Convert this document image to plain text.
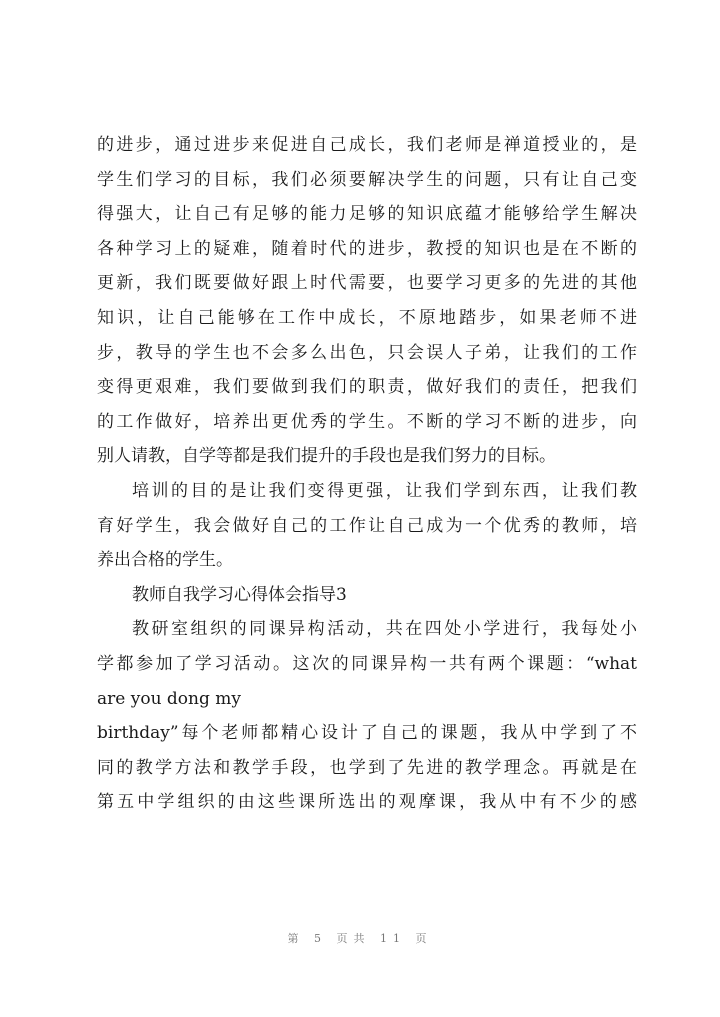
的进步，通过进步来促进自己成长，我们老师是禅道授业的，是
学生们学习的目标，我们必须要解决学生的问题，只有让自己变
得强大，让自己有足够的能力足够的知识底蕴才能够给学生解决
各种学习上的疑难，随着时代的进步，教授的知识也是在不断的
更新，我们既要做好跟上时代需要，也要学习更多的先进的其他
知识，让自己能够在工作中成长，不原地踏步，如果老师不进
步，教导的学生也不会多么出色，只会误人子弟，让我们的工作
变得更艰难，我们要做到我们的职责，做好我们的责任，把我们
的工作做好，培养出更优秀的学生。不断的学习不断的进步，向
别人请教，自学等都是我们提升的手段也是我们努力的目标。
培训的目的是让我们变得更强，让我们学到东西，让我们教
育好学生，我会做好自己的工作让自己成为一个优秀的教师，培
养出合格的学生。
教师自我学习心得体会指导3
教研室组织的同课异构活动，共在四处小学进行，我每处小
学都参加了学习活动。这次的同课异构一共有两个课题：“what
are you dong my
birthday”每个老师都精心设计了自己的课题，我从中学到了不
同的教学方法和教学手段，也学到了先进的教学理念。再就是在
第五中学组织的由这些课所选出的观摩课，我从中有不少的感
第 5 页共 11 页
